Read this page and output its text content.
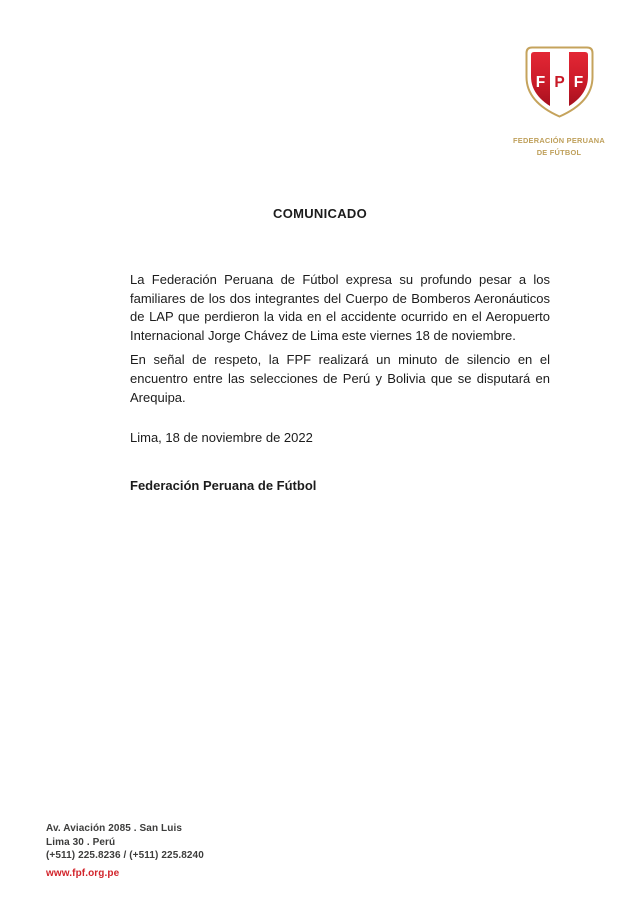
F P F
FEDERACIÓN PERUANA
DE FÚTBOL
COMUNICADO

La Federación Peruana de Fútbol expresa su profundo pesar a los familiares de los dos integrantes del Cuerpo de Bomberos Aeronáuticos de LAP que perdieron la vida en el accidente ocurrido en el Aeropuerto Internacional Jorge Chávez de Lima este viernes 18 de noviembre.

En señal de respeto, la FPF realizará un minuto de silencio en el encuentro entre las selecciones de Perú y Bolivia que se disputará en Arequipa.

Lima, 18 de noviembre de 2022
Federación Peruana de Fútbol
Av. Aviación 2085 . San Luis
Lima 30 . Perú
(+511) 225.8236 / (+511) 225.8240
www.fpf.org.pe
